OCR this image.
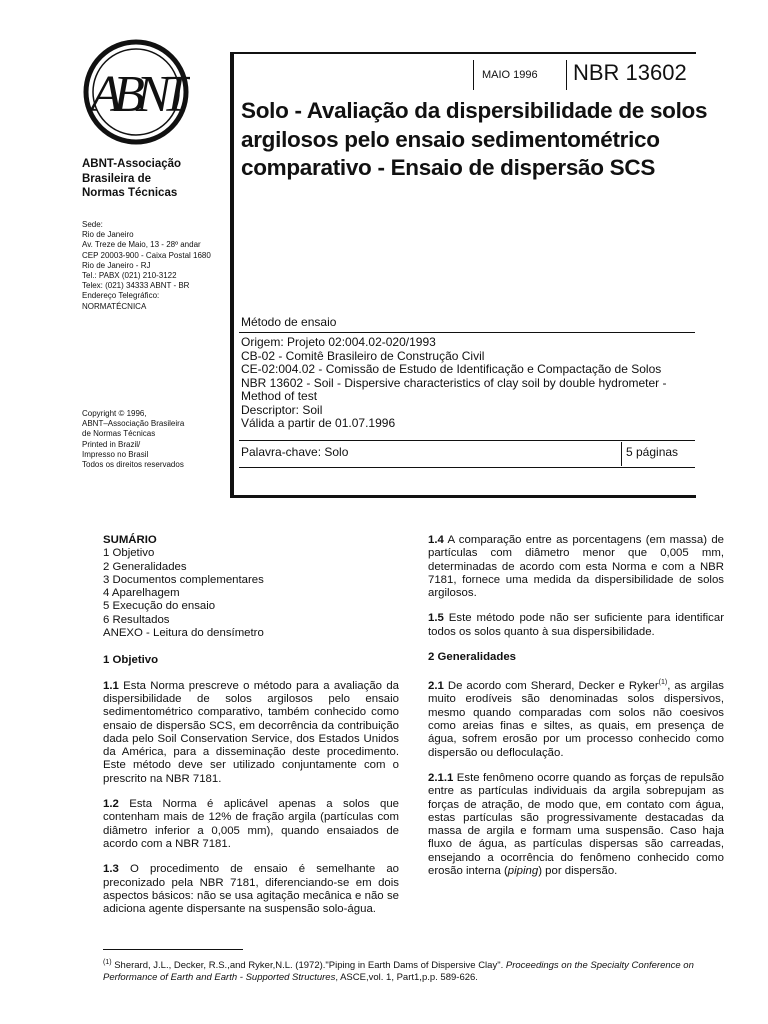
ABNT
ABNT-Associação
Brasileira de
Normas Técnicas
Sede:
Rio de Janeiro
Av. Treze de Maio, 13 - 28º andar
CEP 20003-900 - Caixa Postal 1680
Rio de Janeiro - RJ
Tel.: PABX (021) 210-3122
Telex: (021) 34333 ABNT - BR
Endereço Telegráfico:
NORMATÉCNICA
Copyright © 1996,
ABNT–Associação Brasileira
de Normas Técnicas
Printed in Brazil/
Impresso no Brasil
Todos os direitos reservados
MAIO 1996 NBR 13602
Solo - Avaliação da dispersibilidade de solos argilosos pelo ensaio sedimentométrico comparativo - Ensaio de dispersão SCS
Método de ensaio
Origem: Projeto 02:004.02-020/1993
CB-02 - Comitê Brasileiro de Construção Civil
CE-02:004.02 - Comissão de Estudo de Identificação e Compactação de Solos
NBR 13602 - Soil - Dispersive characteristics of clay soil by double hydrometer -
Method of test
Descriptor: Soil
Válida a partir de 01.07.1996
Palavra-chave: Solo	5 páginas
SUMÁRIO
1 Objetivo
2 Generalidades
3 Documentos complementares
4 Aparelhagem
5 Execução do ensaio
6 Resultados
ANEXO - Leitura do densímetro
1 Objetivo

1.1 Esta Norma prescreve o método para a avaliação da dispersibilidade de solos argilosos pelo ensaio sedimentométrico comparativo, também conhecido como ensaio de dispersão SCS, em decorrência da contribuição dada pelo Soil Conservation Service, dos Estados Unidos da América, para a disseminação deste procedimento. Este método deve ser utilizado conjuntamente com o prescrito na NBR 7181.

1.2 Esta Norma é aplicável apenas a solos que contenham mais de 12% de fração argila (partículas com diâmetro inferior a 0,005 mm), quando ensaiados de acordo com a NBR 7181.

1.3 O procedimento de ensaio é semelhante ao preconizado pela NBR 7181, diferenciando-se em dois aspectos básicos: não se usa agitação mecânica e não se adiciona agente dispersante na suspensão solo-água.

1.4 A comparação entre as porcentagens (em massa) de partículas com diâmetro menor que 0,005 mm, determinadas de acordo com esta Norma e com a NBR 7181, fornece uma medida da dispersibilidade de solos argilosos.

1.5 Este método pode não ser suficiente para identificar todos os solos quanto à sua dispersibilidade.

2 Generalidades

2.1 De acordo com Sherard, Decker e Ryker$^{(1)}$, as argilas muito erodíveis são denominadas solos dispersivos, mesmo quando comparadas com solos não coesivos como areias finas e siltes, as quais, em presença de água, sofrem erosão por um processo conhecido como dispersão ou defloculação.

2.1.1 Este fenômeno ocorre quando as forças de repulsão entre as partículas individuais da argila sobrepujam as forças de atração, de modo que, em contato com água, estas partículas são progressivamente destacadas da massa de argila e formam uma suspensão. Caso haja fluxo de água, as partículas dispersas são carreadas, ensejando a ocorrência do fenômeno conhecido como erosão interna (piping) por dispersão.

$^{(1)}$ Sherard, J.L., Decker, R.S.,and Ryker,N.L. (1972)."Piping in Earth Dams of Dispersive Clay". Proceedings on the Specialty Conference on Performance of Earth and Earth - Supported Structures, ASCE,vol. 1, Part1,p.p. 589-626.
